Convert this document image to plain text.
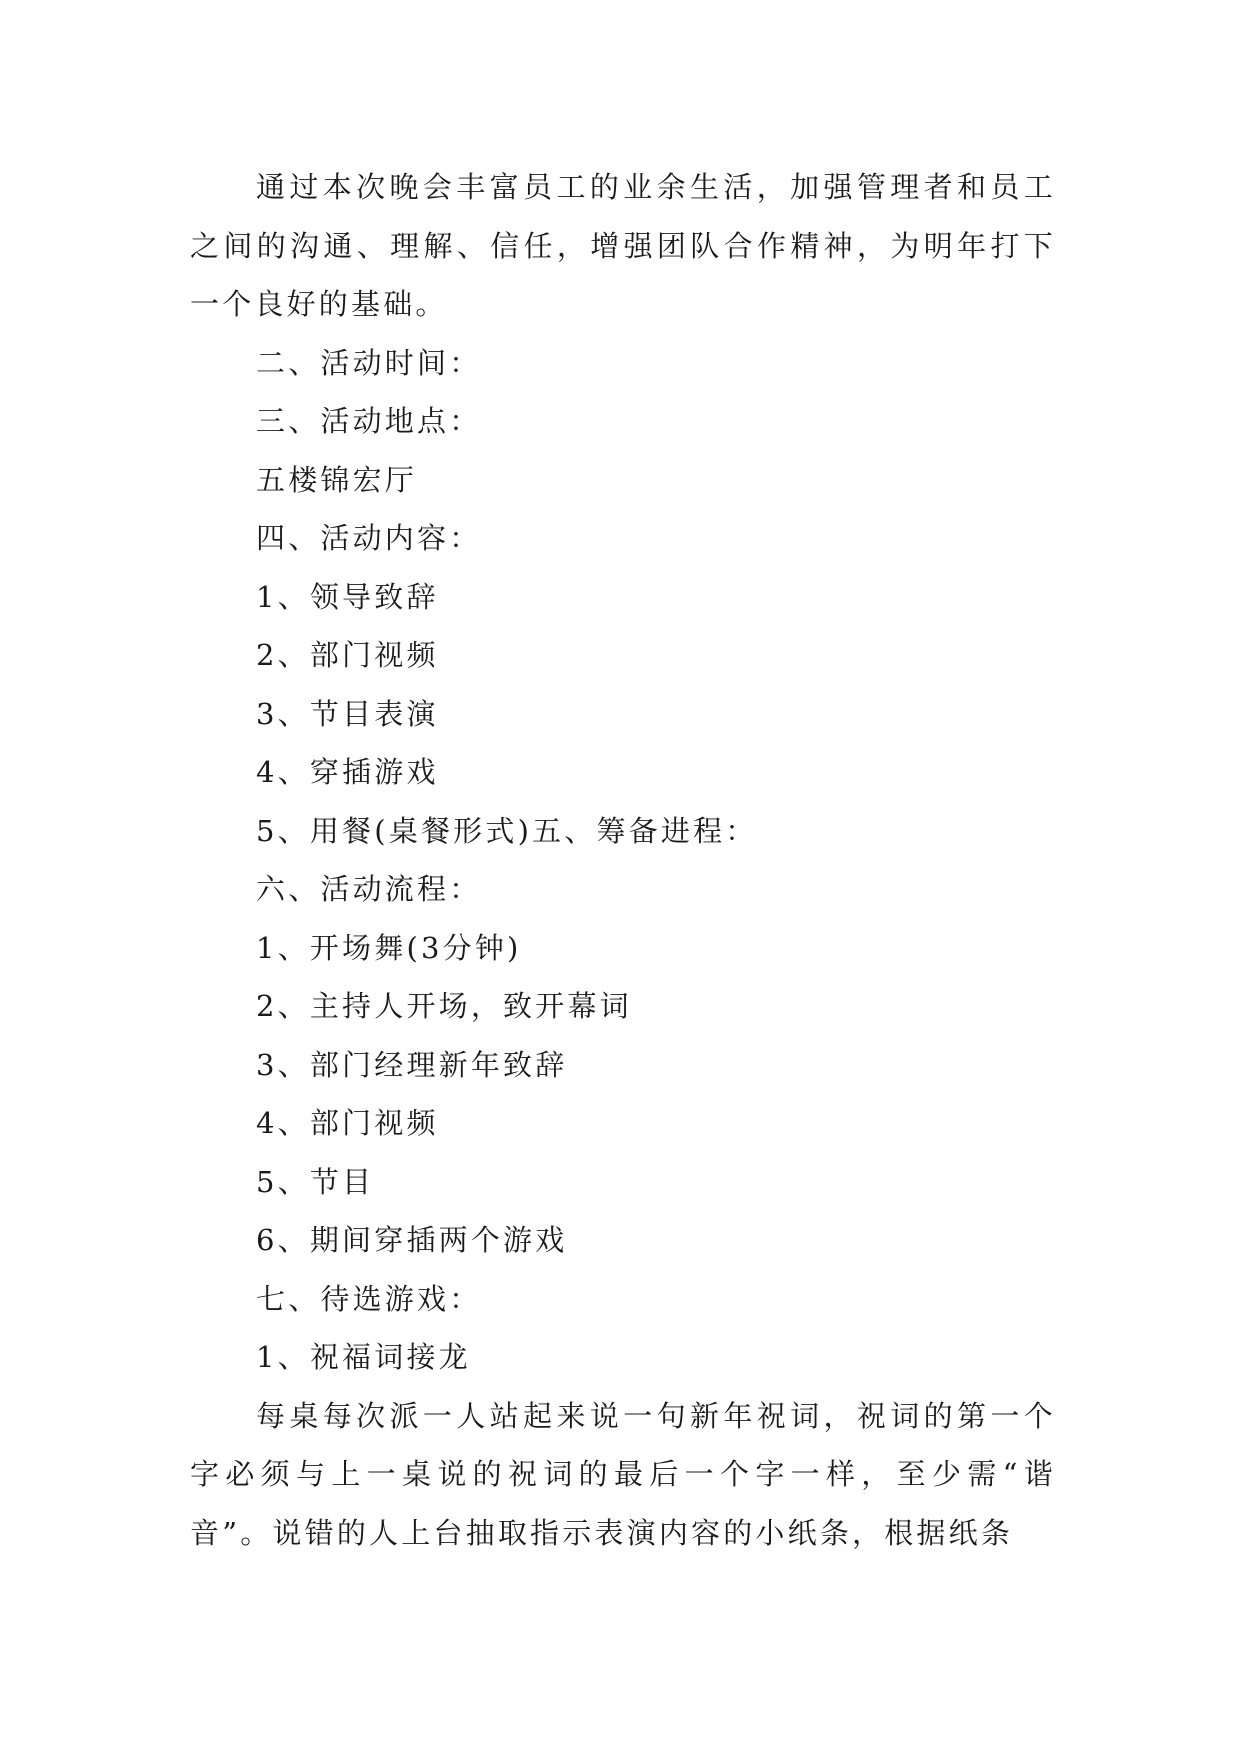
通过本次晚会丰富员工的业余生活，加强管理者和员工之间的沟通、理解、信任，增强团队合作精神，为明年打下一个良好的基础。

二、活动时间：

三、活动地点：

五楼锦宏厅

四、活动内容：

1、领导致辞

2、部门视频

3、节目表演

4、穿插游戏

5、用餐(桌餐形式)五、筹备进程：

六、活动流程：

1、开场舞(3分钟)

2、主持人开场，致开幕词

3、部门经理新年致辞

4、部门视频

5、节目

6、期间穿插两个游戏

七、待选游戏：

1、祝福词接龙

每桌每次派一人站起来说一句新年祝词，祝词的第一个字必须与上一桌说的祝词的最后一个字一样，至少需“谐音”。说错的人上台抽取指示表演内容的小纸条，根据纸条
